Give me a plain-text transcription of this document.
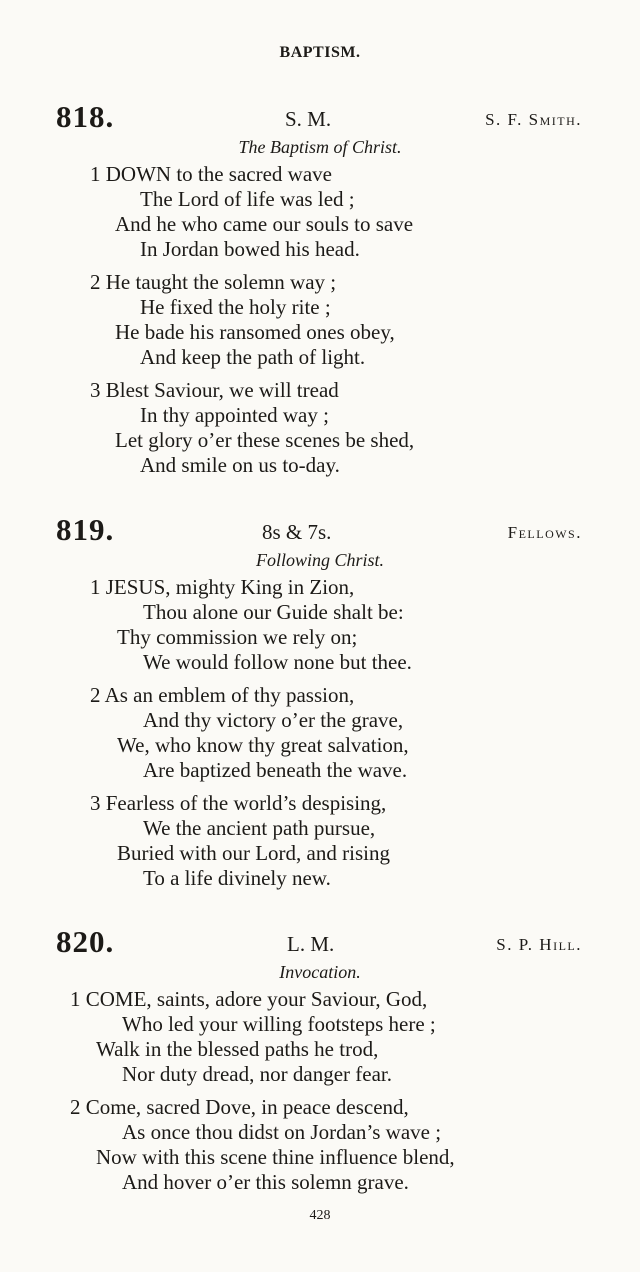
BAPTISM.
818.	S. M.	S. F. Smith.
The Baptism of Christ.
1 DOWN to the sacred wave
The Lord of life was led ;
And he who came our souls to save
In Jordan bowed his head.
2 He taught the solemn way ;
He fixed the holy rite ;
He bade his ransomed ones obey,
And keep the path of light.
3 Blest Saviour, we will tread
In thy appointed way ;
Let glory o’er these scenes be shed,
And smile on us to-day.
819.	8s & 7s.	Fellows.
Following Christ.
1 JESUS, mighty King in Zion,
Thou alone our Guide shalt be:
Thy commission we rely on;
We would follow none but thee.
2 As an emblem of thy passion,
And thy victory o’er the grave,
We, who know thy great salvation,
Are baptized beneath the wave.
3 Fearless of the world’s despising,
We the ancient path pursue,
Buried with our Lord, and rising
To a life divinely new.
820.	L. M.	S. P. Hill.
Invocation.
1 COME, saints, adore your Saviour, God,
Who led your willing footsteps here ;
Walk in the blessed paths he trod,
Nor duty dread, nor danger fear.
2 Come, sacred Dove, in peace descend,
As once thou didst on Jordan’s wave ;
Now with this scene thine influence blend,
And hover o’er this solemn grave.
428
